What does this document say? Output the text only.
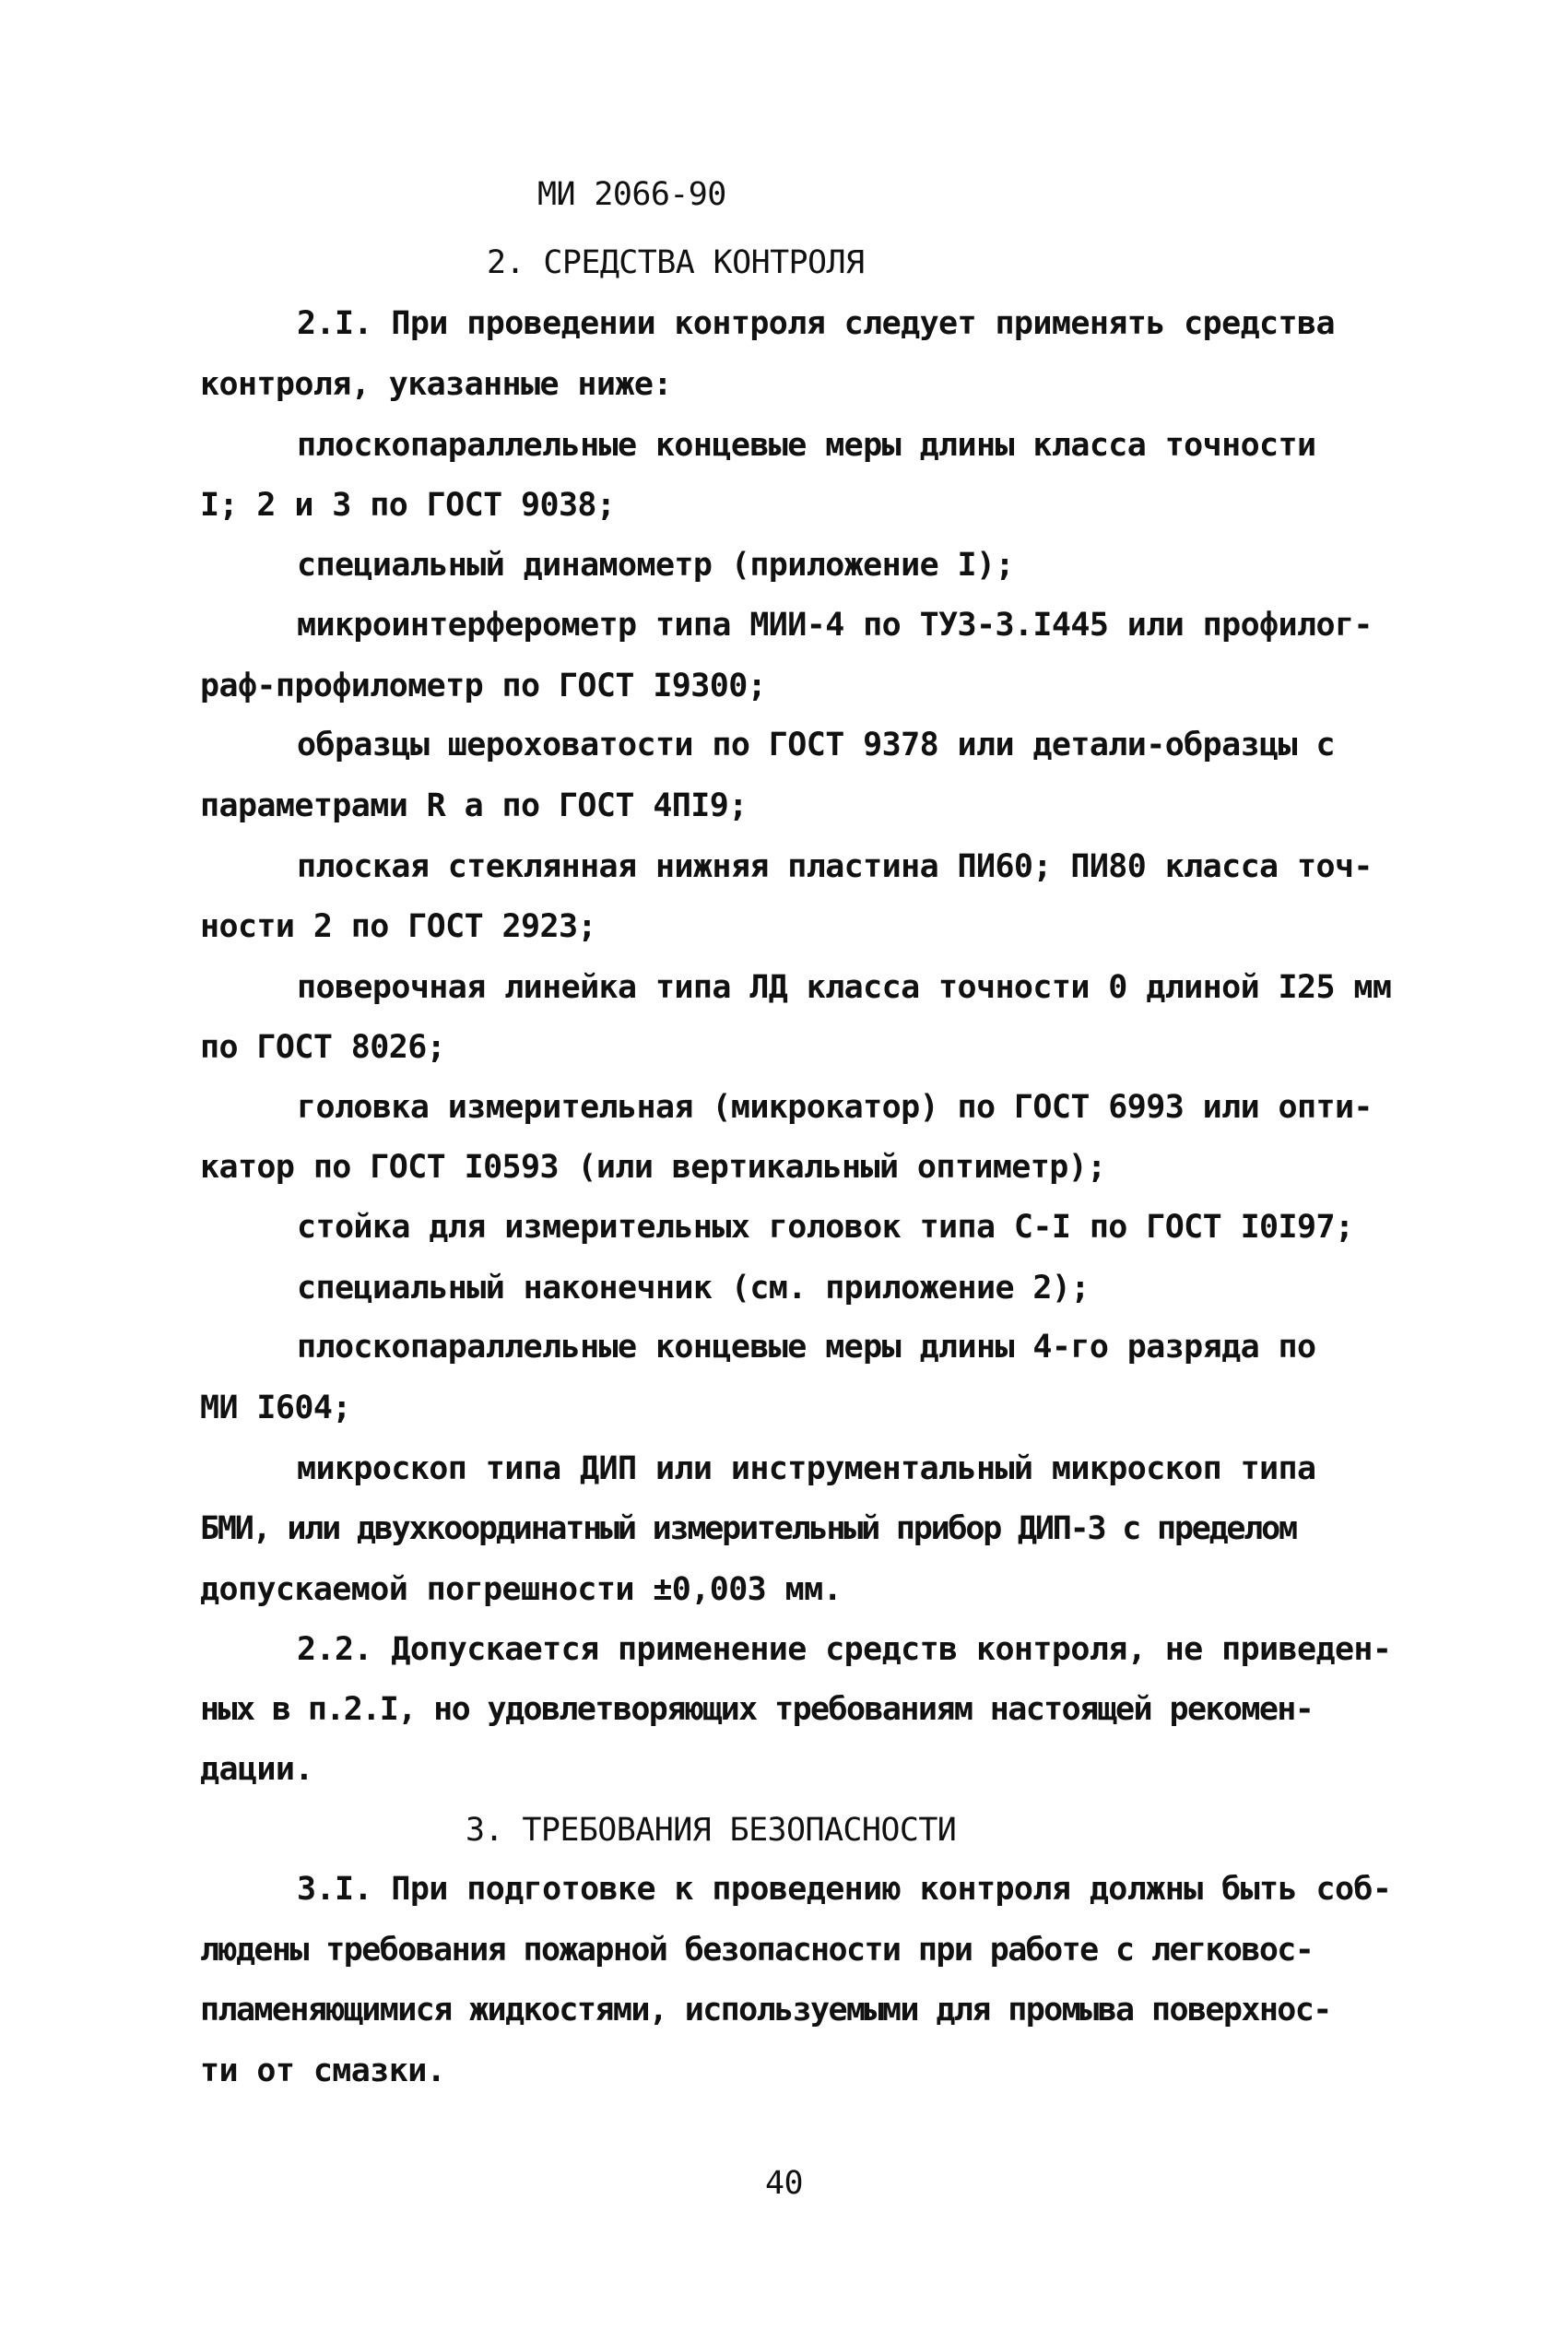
МИ 2066-90
2. СРЕДСТВА КОНТРОЛЯ
2.I. При проведении контроля следует применять средства
контроля, указанные ниже:
плоскопараллельные концевые меры длины класса точности
I; 2 и 3 по ГОСТ 9038;
специальный динамометр (приложение I);
микроинтерферометр типа МИИ-4 по ТУЗ-3.I445 или профилог-
раф-профилометр по ГОСТ I9300;
образцы шероховатости по ГОСТ 9378 или детали-образцы с
параметрами R a по ГОСТ 4ПI9;
плоская стеклянная нижняя пластина ПИ60; ПИ80 класса точ-
ности 2 по ГОСТ 2923;
поверочная линейка типа ЛД класса точности 0 длиной I25 мм
по ГОСТ 8026;
головка измерительная (микрокатор) по ГОСТ 6993 или опти-
катор по ГОСТ I0593 (или вертикальный оптиметр);
стойка для измерительных головок типа С-I по ГОСТ I0I97;
специальный наконечник (см. приложение 2);
плоскопараллельные концевые меры длины 4-го разряда по
МИ I604;
микроскоп типа ДИП или инструментальный микроскоп типа
БМИ, или двухкоординатный измерительный прибор ДИП-3 с пределом
допускаемой погрешности ±0,003 мм.
2.2. Допускается применение средств контроля, не приведен-
ных в п.2.I, но удовлетворяющих требованиям настоящей рекомен-
дации.
3. ТРЕБОВАНИЯ БЕЗОПАСНОСТИ
3.I. При подготовке к проведению контроля должны быть соб-
людены требования пожарной безопасности при работе с легковос-
пламеняющимися жидкостями, используемыми для промыва поверхнос-
ти от смазки.
40
